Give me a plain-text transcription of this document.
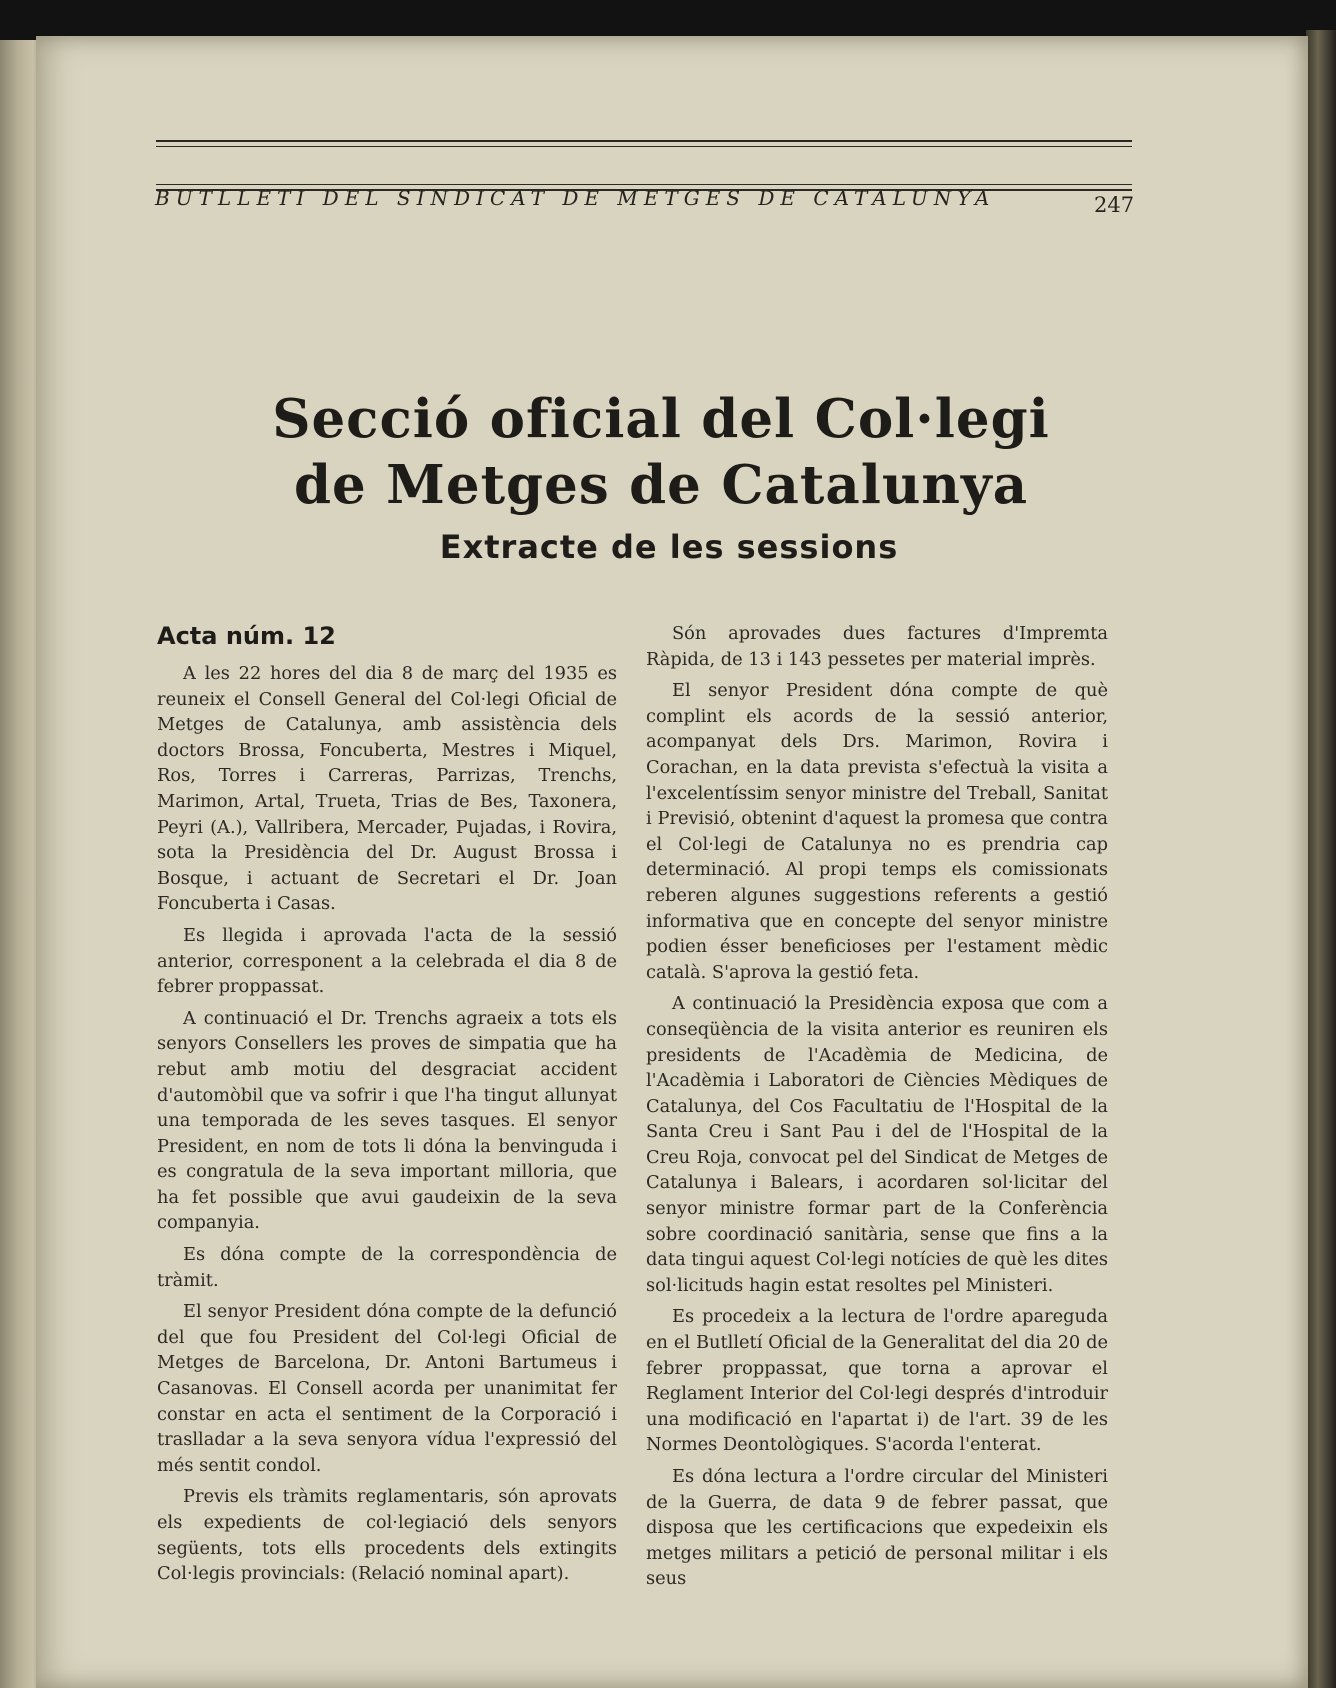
BUTLLETI DEL SINDICAT DE METGES DE CATALUNYA	247
Secció oficial del Col·legi
de Metges de Catalunya
Extracte de les sessions
Acta núm. 12

A les 22 hores del dia 8 de març del 1935 es reuneix el Consell General del Col·legi Oficial de Metges de Catalunya, amb assistència dels doctors Brossa, Foncuberta, Mestres i Miquel, Ros, Torres i Carreras, Parrizas, Trenchs, Marimon, Artal, Trueta, Trias de Bes, Taxonera, Peyri (A.), Vallribera, Mercader, Pujadas, i Rovira, sota la Presidència del Dr. August Brossa i Bosque, i actuant de Secretari el Dr. Joan Foncuberta i Casas.

Es llegida i aprovada l'acta de la sessió anterior, corresponent a la celebrada el dia 8 de febrer proppassat.

A continuació el Dr. Trenchs agraeix a tots els senyors Consellers les proves de simpatia que ha rebut amb motiu del desgraciat accident d'automòbil que va sofrir i que l'ha tingut allunyat una temporada de les seves tasques. El senyor President, en nom de tots li dóna la benvinguda i es congratula de la seva important milloria, que ha fet possible que avui gaudeixin de la seva companyia.

Es dóna compte de la correspondència de tràmit.

El senyor President dóna compte de la defunció del que fou President del Col·legi Oficial de Metges de Barcelona, Dr. Antoni Bartumeus i Casanovas. El Consell acorda per unanimitat fer constar en acta el sentiment de la Corporació i traslladar a la seva senyora vídua l'expressió del més sentit condol.

Previs els tràmits reglamentaris, són aprovats els expedients de col·legiació dels senyors següents, tots ells procedents dels extingits Col·legis provincials: (Relació nominal apart).

Són aprovades dues factures d'Impremta Ràpida, de 13 i 143 pessetes per material imprès.

El senyor President dóna compte de què complint els acords de la sessió anterior, acompanyat dels Drs. Marimon, Rovira i Corachan, en la data prevista s'efectuà la visita a l'excelentíssim senyor ministre del Treball, Sanitat i Previsió, obtenint d'aquest la promesa que contra el Col·legi de Catalunya no es prendria cap determinació. Al propi temps els comissionats reberen algunes suggestions referents a gestió informativa que en concepte del senyor ministre podien ésser beneficioses per l'estament mèdic català. S'aprova la gestió feta.

A continuació la Presidència exposa que com a conseqüència de la visita anterior es reuniren els presidents de l'Acadèmia de Medicina, de l'Acadèmia i Laboratori de Ciències Mèdiques de Catalunya, del Cos Facultatiu de l'Hospital de la Santa Creu i Sant Pau i del de l'Hospital de la Creu Roja, convocat pel del Sindicat de Metges de Catalunya i Balears, i acordaren sol·licitar del senyor ministre formar part de la Conferència sobre coordinació sanitària, sense que fins a la data tingui aquest Col·legi notícies de què les dites sol·licituds hagin estat resoltes pel Ministeri.

Es procedeix a la lectura de l'ordre apareguda en el Butlletí Oficial de la Generalitat del dia 20 de febrer proppassat, que torna a aprovar el Reglament Interior del Col·legi després d'introduir una modificació en l'apartat i) de l'art. 39 de les Normes Deontològiques. S'acorda l'enterat.

Es dóna lectura a l'ordre circular del Ministeri de la Guerra, de data 9 de febrer passat, que disposa que les certificacions que expedeixin els metges militars a petició de personal militar i els seus
